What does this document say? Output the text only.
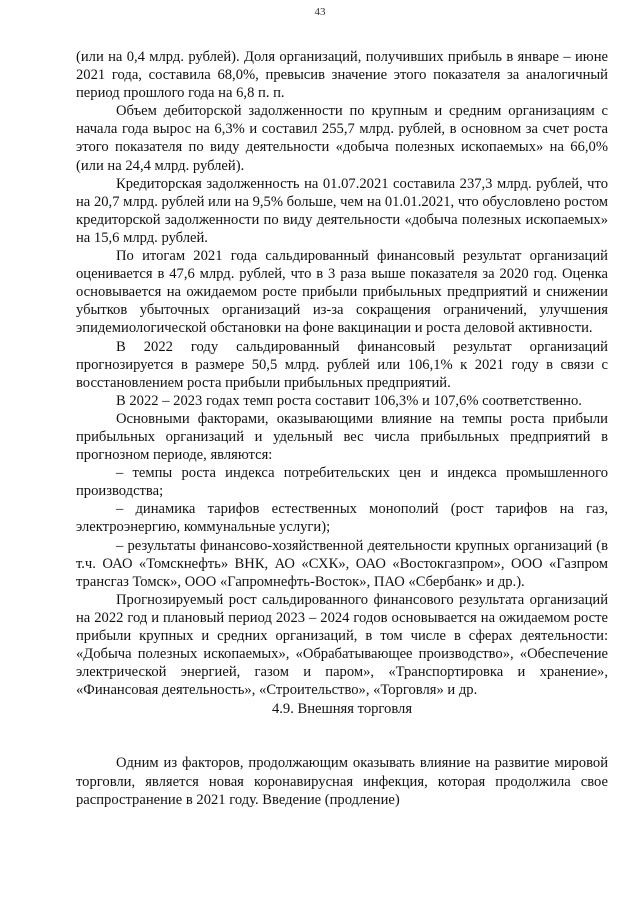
43

(или на 0,4 млрд. рублей). Доля организаций, получивших прибыль в январе – июне 2021 года, составила 68,0%, превысив значение этого показателя за аналогичный период прошлого года на 6,8 п. п.

Объем дебиторской задолженности по крупным и средним организациям с начала года вырос на 6,3% и составил 255,7 млрд. рублей, в основном за счет роста этого показателя по виду деятельности «добыча полезных ископаемых» на 66,0% (или на 24,4 млрд. рублей).

Кредиторская задолженность на 01.07.2021 составила 237,3 млрд. рублей, что на 20,7 млрд. рублей или на 9,5% больше, чем на 01.01.2021, что обусловлено ростом кредиторской задолженности по виду деятельности «добыча полезных ископаемых» на 15,6 млрд. рублей.

По итогам 2021 года сальдированный финансовый результат организаций оценивается в 47,6 млрд. рублей, что в 3 раза выше показателя за 2020 год. Оценка основывается на ожидаемом росте прибыли прибыльных предприятий и снижении убытков убыточных организаций из-за сокращения ограничений, улучшения эпидемиологической обстановки на фоне вакцинации и роста деловой активности.

В 2022 году сальдированный финансовый результат организаций прогнозируется в размере 50,5 млрд. рублей или 106,1% к 2021 году в связи с восстановлением роста прибыли прибыльных предприятий.

В 2022 – 2023 годах темп роста составит 106,3% и 107,6% соответственно.

Основными факторами, оказывающими влияние на темпы роста прибыли прибыльных организаций и удельный вес числа прибыльных предприятий в прогнозном периоде, являются:

– темпы роста индекса потребительских цен и индекса промышленного производства;

– динамика тарифов естественных монополий (рост тарифов на газ, электроэнергию, коммунальные услуги);

– результаты финансово-хозяйственной деятельности крупных организаций (в т.ч. ОАО «Томскнефть» ВНК, АО «СХК», ОАО «Востокгазпром», ООО «Газпром трансгаз Томск», ООО «Гапромнефть-Восток», ПАО «Сбербанк» и др.).

Прогнозируемый рост сальдированного финансового результата организаций на 2022 год и плановый период 2023 – 2024 годов основывается на ожидаемом росте прибыли крупных и средних организаций, в том числе в сферах деятельности: «Добыча полезных ископаемых», «Обрабатывающее производство», «Обеспечение электрической энергией, газом и паром», «Транспортировка и хранение», «Финансовая деятельность», «Строительство», «Торговля» и др.

4.9. Внешняя торговля

Одним из факторов, продолжающим оказывать влияние на развитие мировой торговли, является новая коронавирусная инфекция, которая продолжила свое распространение в 2021 году. Введение (продление)
